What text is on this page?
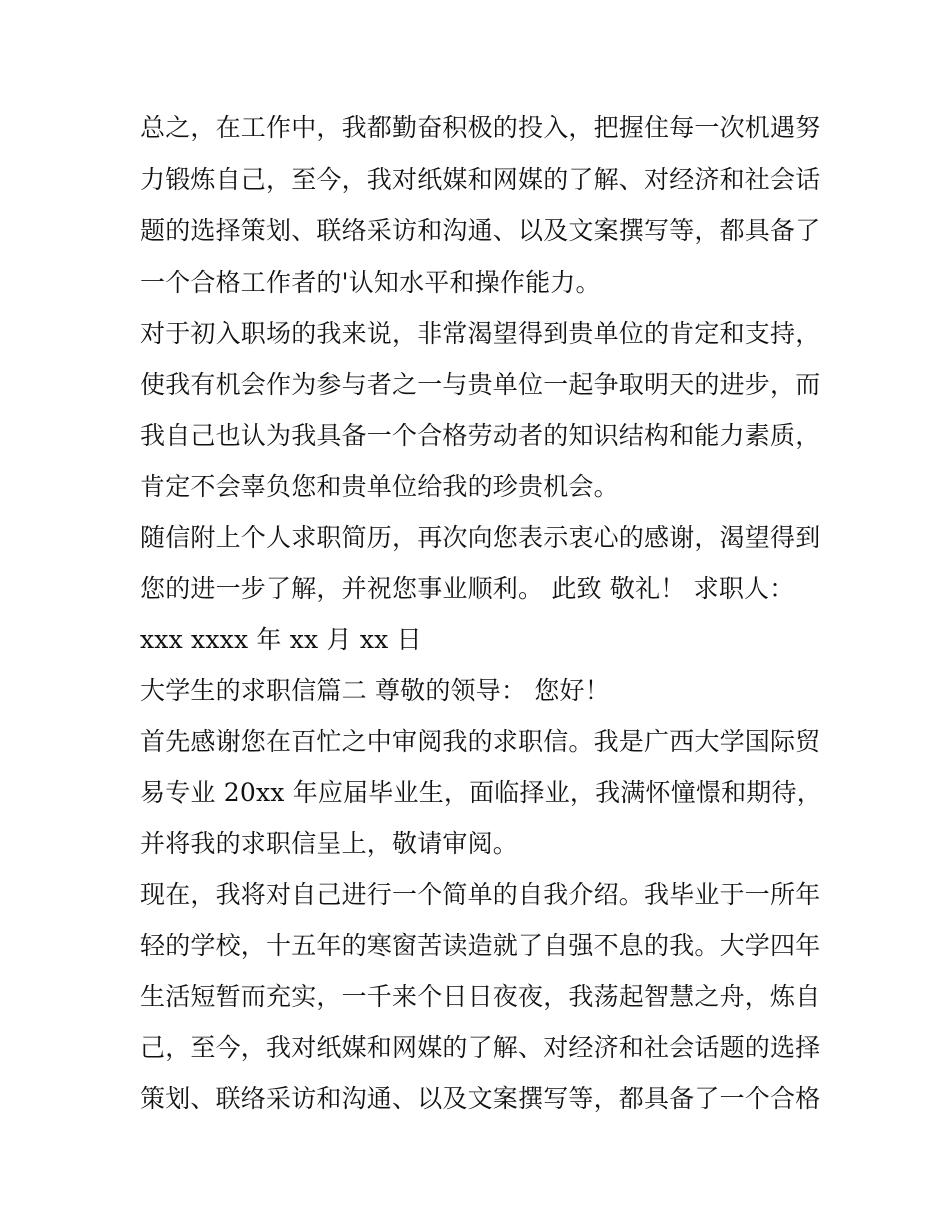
总之，在工作中，我都勤奋积极的投入，把握住每一次机遇努
力锻炼自己，至今，我对纸媒和网媒的了解、对经济和社会话
题的选择策划、联络采访和沟通、以及文案撰写等，都具备了
一个合格工作者的'认知水平和操作能力。
对于初入职场的我来说，非常渴望得到贵单位的肯定和支持，
使我有机会作为参与者之一与贵单位一起争取明天的进步，而
我自己也认为我具备一个合格劳动者的知识结构和能力素质，
肯定不会辜负您和贵单位给我的珍贵机会。
随信附上个人求职简历，再次向您表示衷心的感谢，渴望得到
您的进一步了解，并祝您事业顺利。 此致 敬礼！ 求职人：
xxx xxxx 年 xx 月 xx 日
大学生的求职信篇二 尊敬的领导： 您好！
首先感谢您在百忙之中审阅我的求职信。我是广西大学国际贸
易专业 20xx 年应届毕业生，面临择业，我满怀憧憬和期待，
并将我的求职信呈上，敬请审阅。
现在，我将对自己进行一个简单的自我介绍。我毕业于一所年
轻的学校，十五年的寒窗苦读造就了自强不息的我。大学四年
生活短暂而充实，一千来个日日夜夜，我荡起智慧之舟，炼自
己，至今，我对纸媒和网媒的了解、对经济和社会话题的选择
策划、联络采访和沟通、以及文案撰写等，都具备了一个合格
